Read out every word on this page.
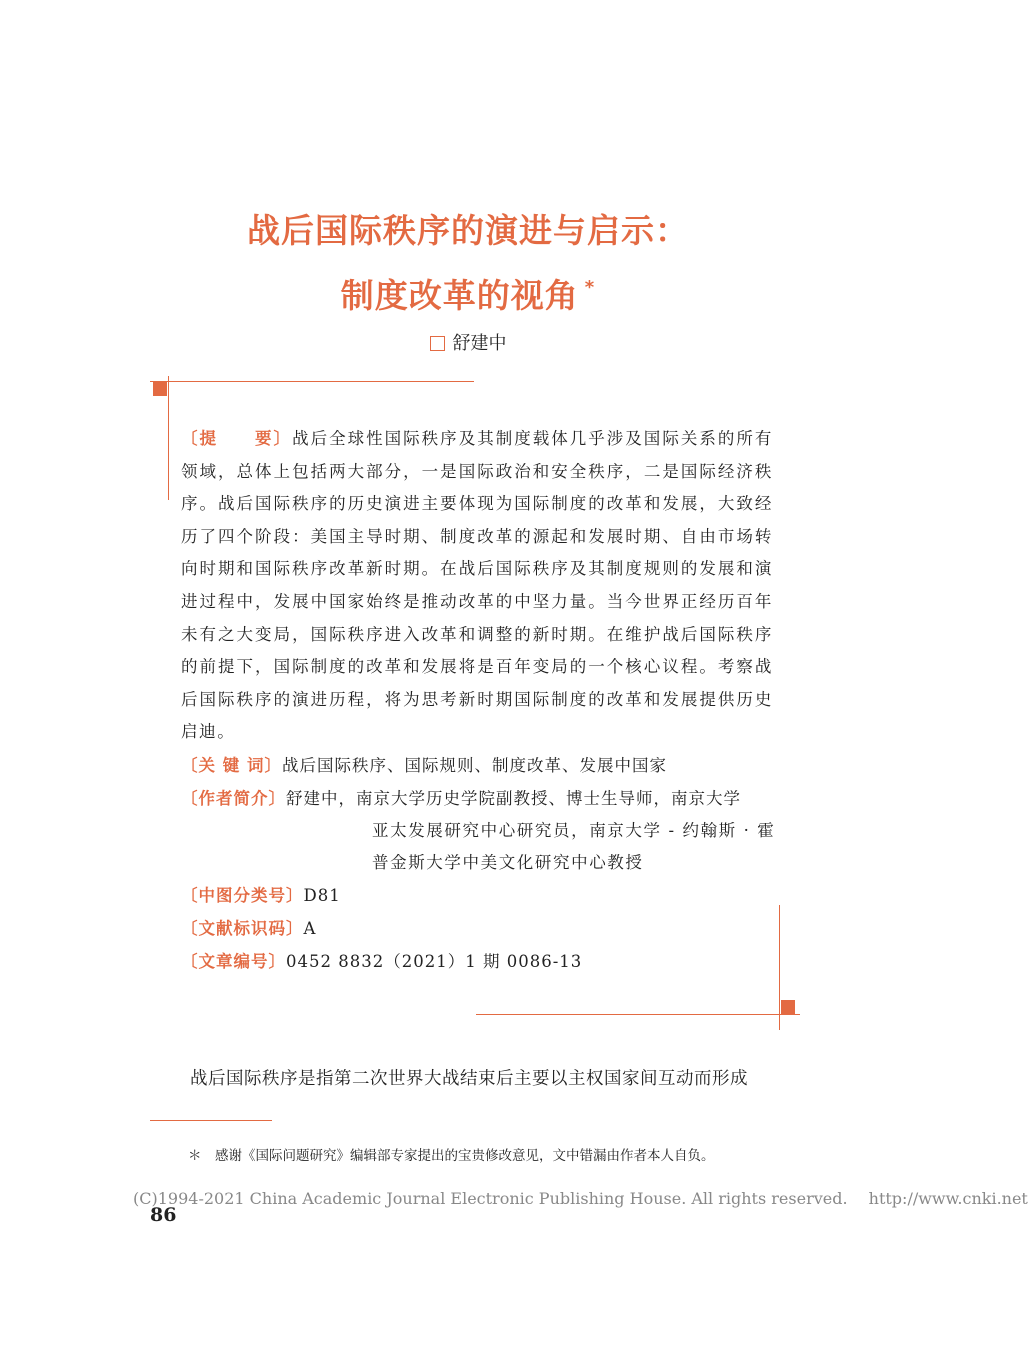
战后国际秩序的演进与启示：
制度改革的视角 *
舒建中
〔提　　要〕战后全球性国际秩序及其制度载体几乎涉及国际关系的所有领域，总体上包括两大部分，一是国际政治和安全秩序，二是国际经济秩序。战后国际秩序的历史演进主要体现为国际制度的改革和发展，大致经历了四个阶段：美国主导时期、制度改革的源起和发展时期、自由市场转向时期和国际秩序改革新时期。在战后国际秩序及其制度规则的发展和演进过程中，发展中国家始终是推动改革的中坚力量。当今世界正经历百年未有之大变局，国际秩序进入改革和调整的新时期。在维护战后国际秩序的前提下，国际制度的改革和发展将是百年变局的一个核心议程。考察战后国际秩序的演进历程，将为思考新时期国际制度的改革和发展提供历史启迪。
〔关 键 词〕战后国际秩序、国际规则、制度改革、发展中国家
〔作者简介〕舒建中，南京大学历史学院副教授、博士生导师，南京大学
亚太发展研究中心研究员，南京大学 - 约翰斯 · 霍
普金斯大学中美文化研究中心教授
〔中图分类号〕D81
〔文献标识码〕A
〔文章编号〕0452 8832（2021）1 期 0086-13
战后国际秩序是指第二次世界大战结束后主要以主权国家间互动而形成
＊　感谢《国际问题研究》编辑部专家提出的宝贵修改意见，文中错漏由作者本人自负。
(C)1994-2021 China Academic Journal Electronic Publishing House. All rights reserved.　 http://www.cnki.net
86
